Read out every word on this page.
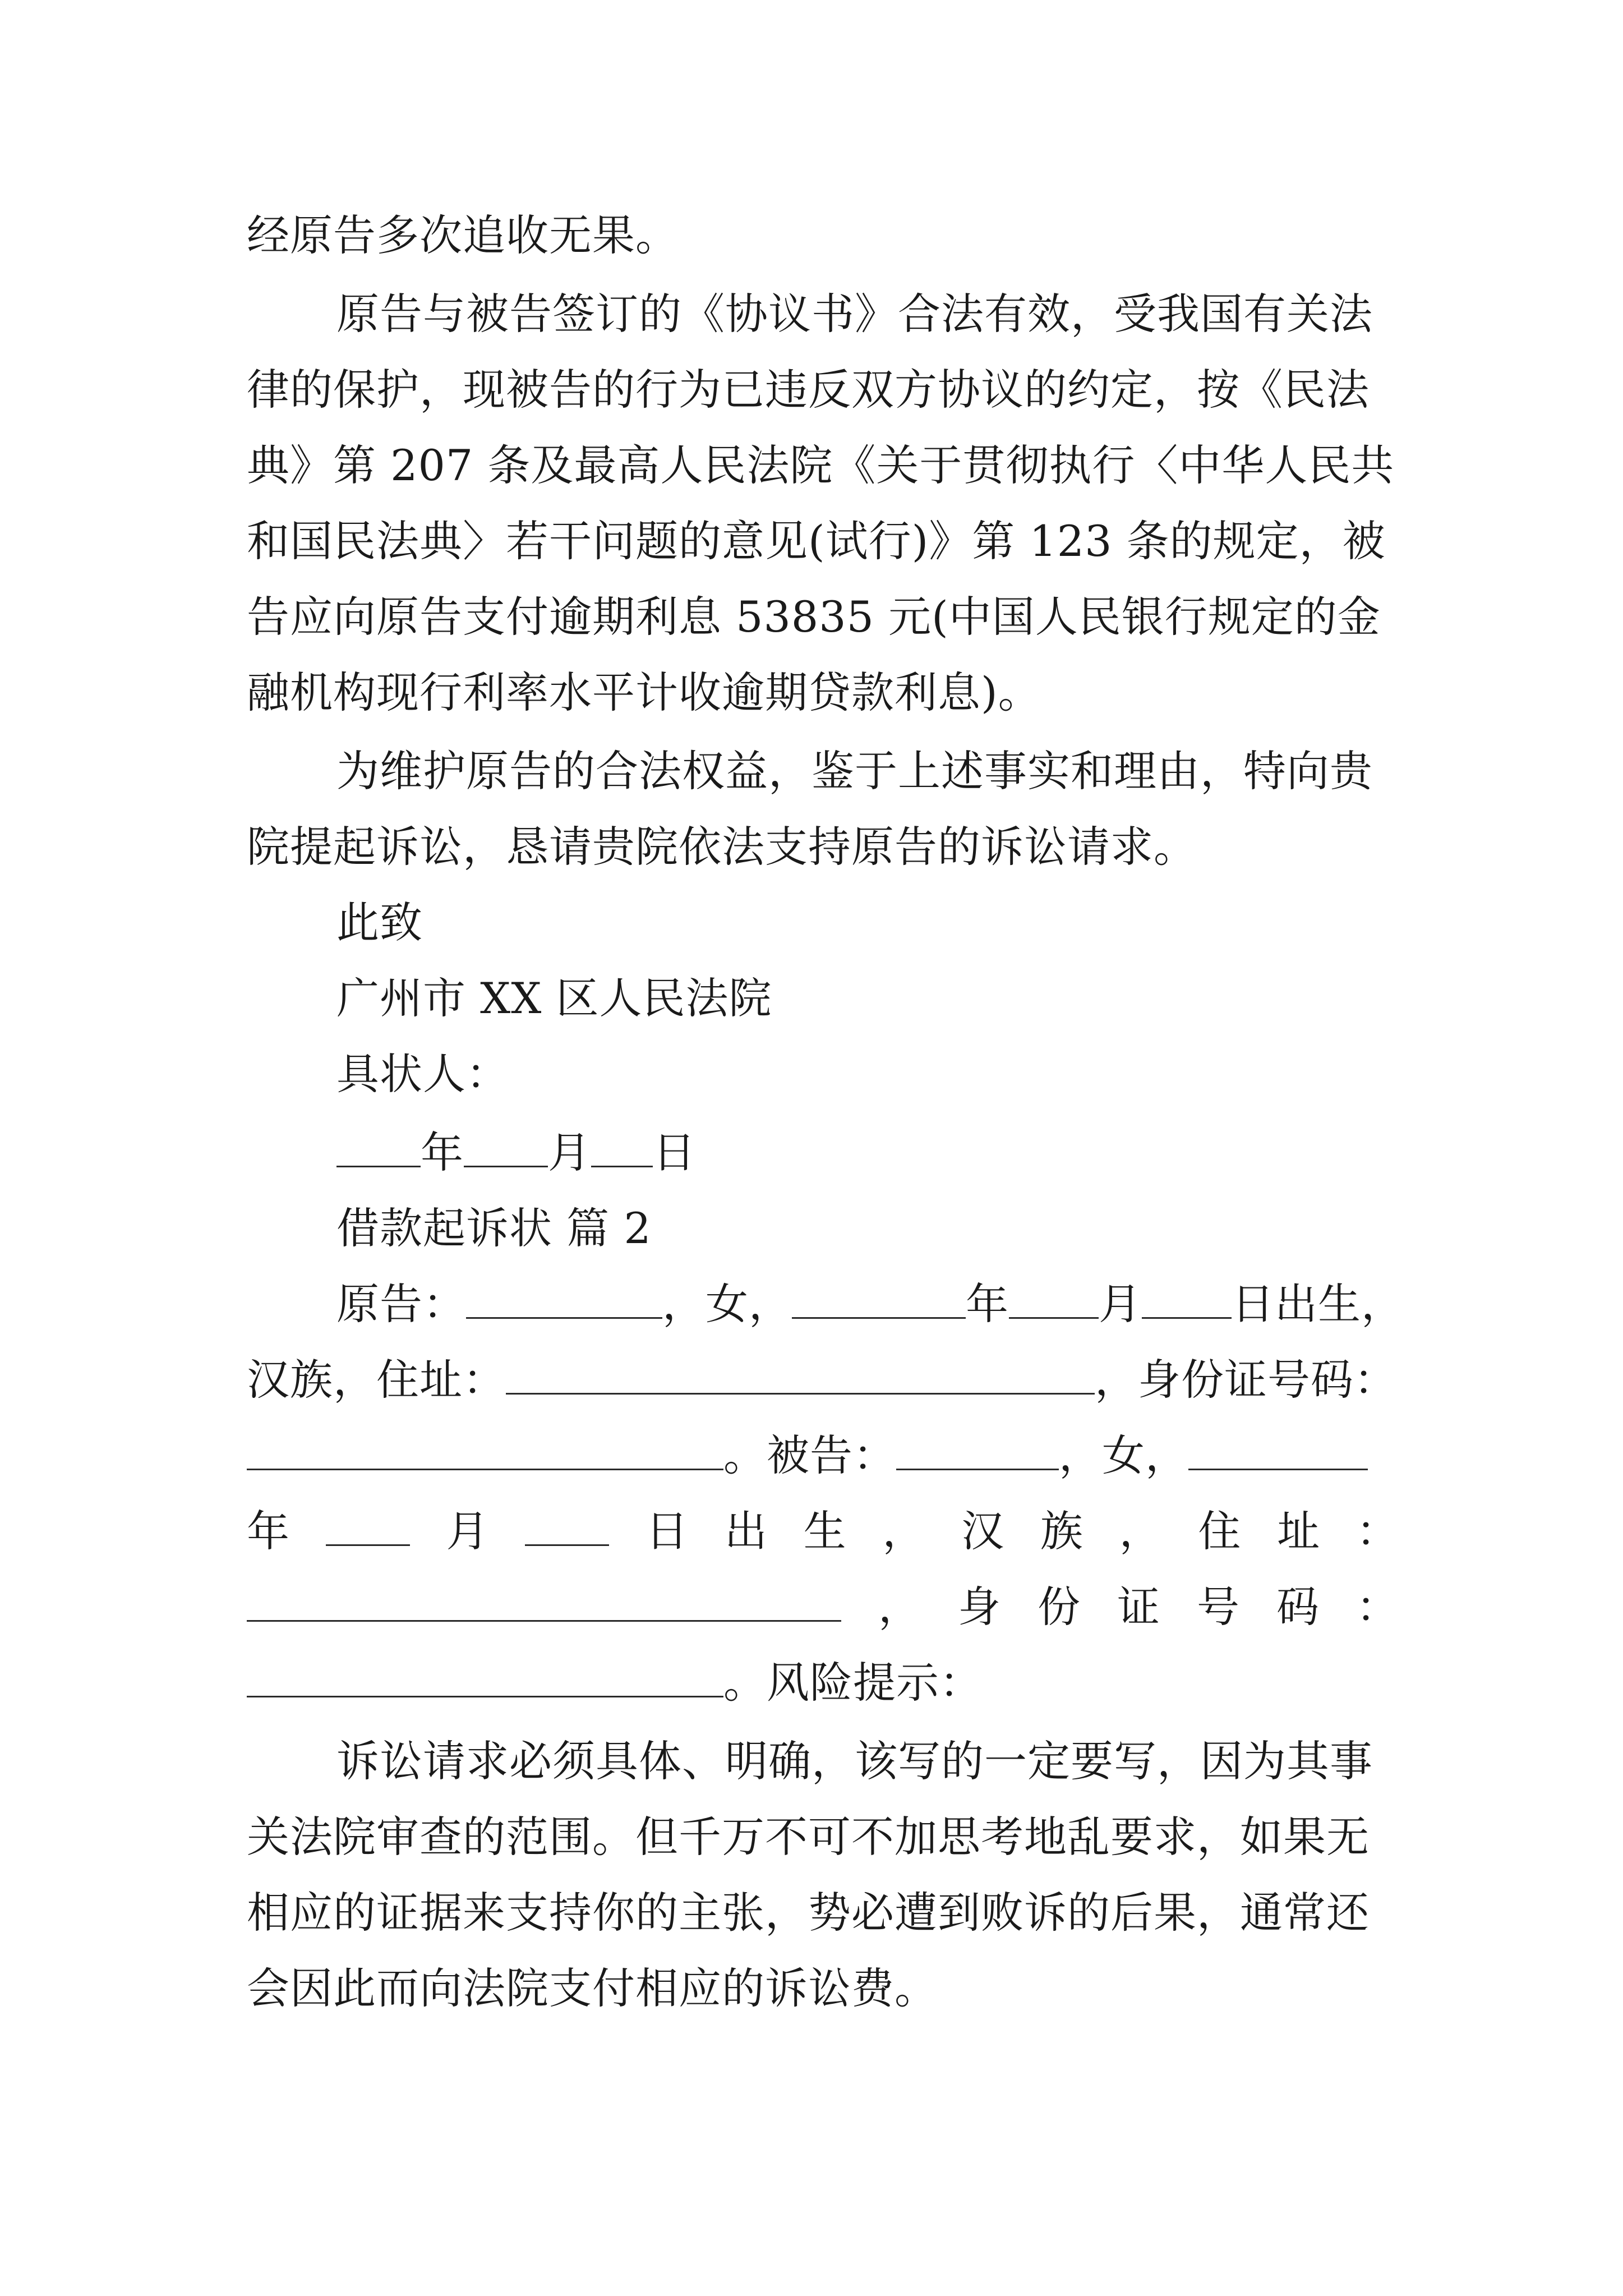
经原告多次追收无果。
原告与被告签订的《协议书》合法有效，受我国有关法
律的保护，现被告的行为已违反双方协议的约定，按《民法
典》第 207 条及最高人民法院《关于贯彻执行〈中华人民共
和国民法典〉若干问题的意见(试行)》第 123 条的规定，被
告应向原告支付逾期利息 53835 元(中国人民银行规定的金
融机构现行利率水平计收逾期贷款利息)。
为维护原告的合法权益，鉴于上述事实和理由，特向贵
院提起诉讼，恳请贵院依法支持原告的诉讼请求。
此致
广州市 XX 区人民法院
具状人：
年 月 日
借款起诉状 篇 2
原告：	，女，	年 月 日出生，
汉族，住址：	，身份证号码：
。被告：	，女，
年	月	日 出 生 ， 汉 族 ， 住 址 ：
， 身 份 证 号 码 ：
。风险提示：
诉讼请求必须具体、明确，该写的一定要写，因为其事
关法院审查的范围。但千万不可不加思考地乱要求，如果无
相应的证据来支持你的主张，势必遭到败诉的后果，通常还
会因此而向法院支付相应的诉讼费。
